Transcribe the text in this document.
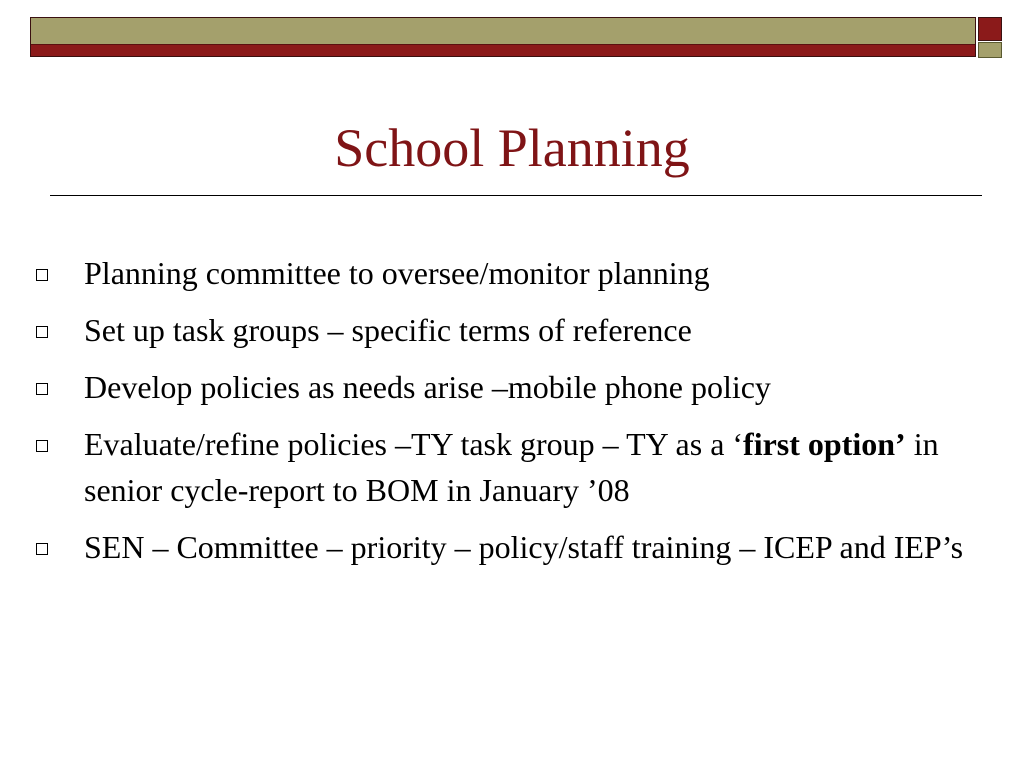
School Planning
Planning committee to oversee/monitor planning
Set up task groups – specific terms of reference
Develop policies as needs arise –mobile phone policy
Evaluate/refine policies –TY task group – TY as a ‘first option’ in senior cycle-report to BOM in January ’08
SEN – Committee – priority – policy/staff training – ICEP and IEP’s
